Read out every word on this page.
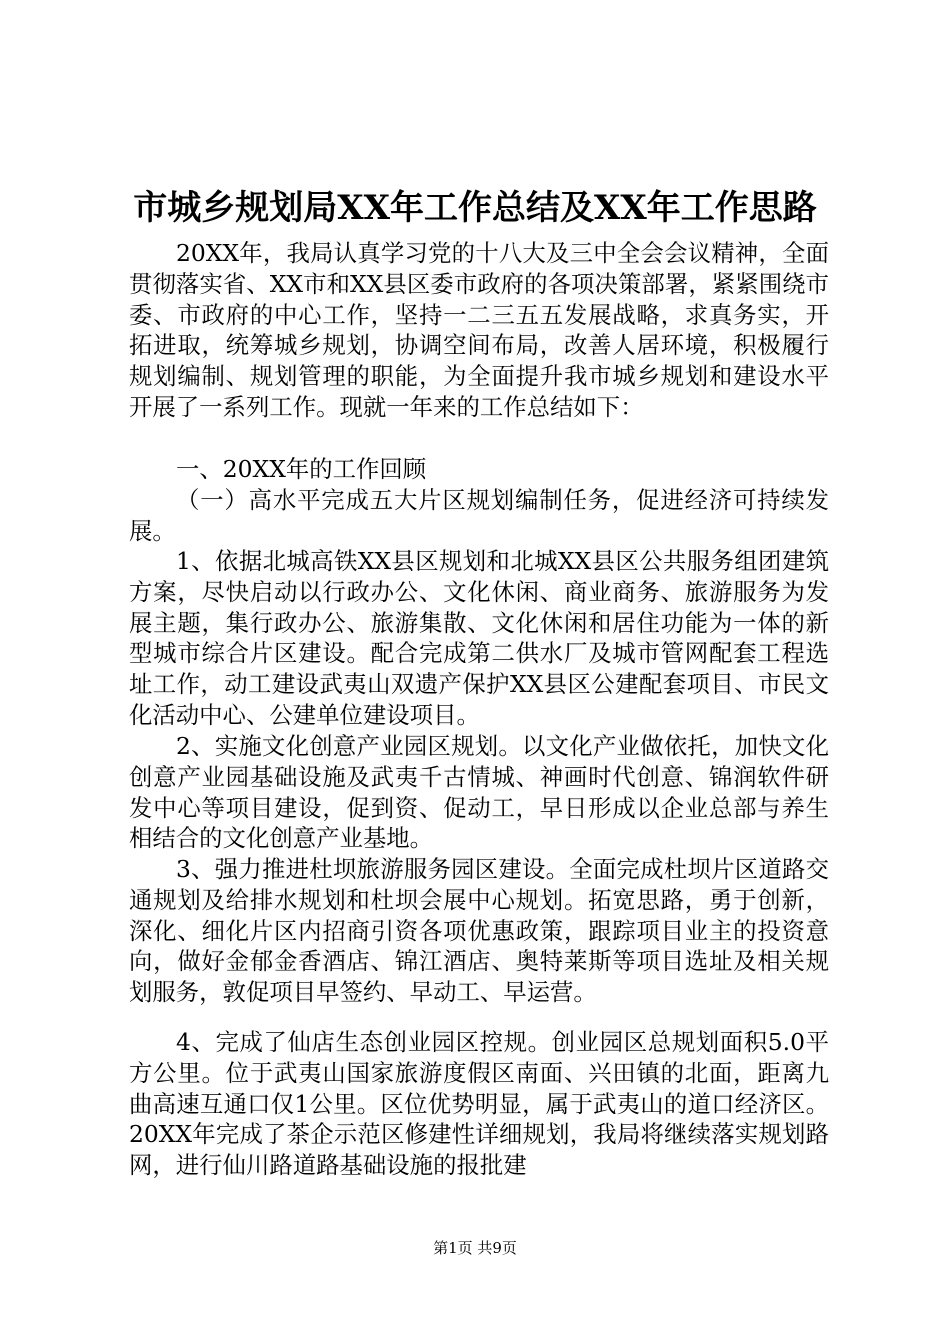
市城乡规划局XX年工作总结及XX年工作思路

20XX年，我局认真学习党的十八大及三中全会会议精神，全面贯彻落实省、XX市和XX县区委市政府的各项决策部署，紧紧围绕市委、市政府的中心工作，坚持一二三五五发展战略，求真务实，开拓进取，统筹城乡规划，协调空间布局，改善人居环境，积极履行规划编制、规划管理的职能，为全面提升我市城乡规划和建设水平开展了一系列工作。现就一年来的工作总结如下：

一、20XX年的工作回顾

（一）高水平完成五大片区规划编制任务，促进经济可持续发展。

1、依据北城高铁XX县区规划和北城XX县区公共服务组团建筑方案，尽快启动以行政办公、文化休闲、商业商务、旅游服务为发展主题，集行政办公、旅游集散、文化休闲和居住功能为一体的新型城市综合片区建设。配合完成第二供水厂及城市管网配套工程选址工作，动工建设武夷山双遗产保护XX县区公建配套项目、市民文化活动中心、公建单位建设项目。

2、实施文化创意产业园区规划。以文化产业做依托，加快文化创意产业园基础设施及武夷千古情城、神画时代创意、锦润软件研发中心等项目建设，促到资、促动工，早日形成以企业总部与养生相结合的文化创意产业基地。

3、强力推进杜坝旅游服务园区建设。全面完成杜坝片区道路交通规划及给排水规划和杜坝会展中心规划。拓宽思路，勇于创新，深化、细化片区内招商引资各项优惠政策，跟踪项目业主的投资意向，做好金郁金香酒店、锦江酒店、奥特莱斯等项目选址及相关规划服务，敦促项目早签约、早动工、早运营。

4、完成了仙店生态创业园区控规。创业园区总规划面积5.0平方公里。位于武夷山国家旅游度假区南面、兴田镇的北面，距离九曲高速互通口仅1公里。区位优势明显，属于武夷山的道口经济区。20XX年完成了茶企示范区修建性详细规划，我局将继续落实规划路网，进行仙川路道路基础设施的报批建

第1页 共9页
